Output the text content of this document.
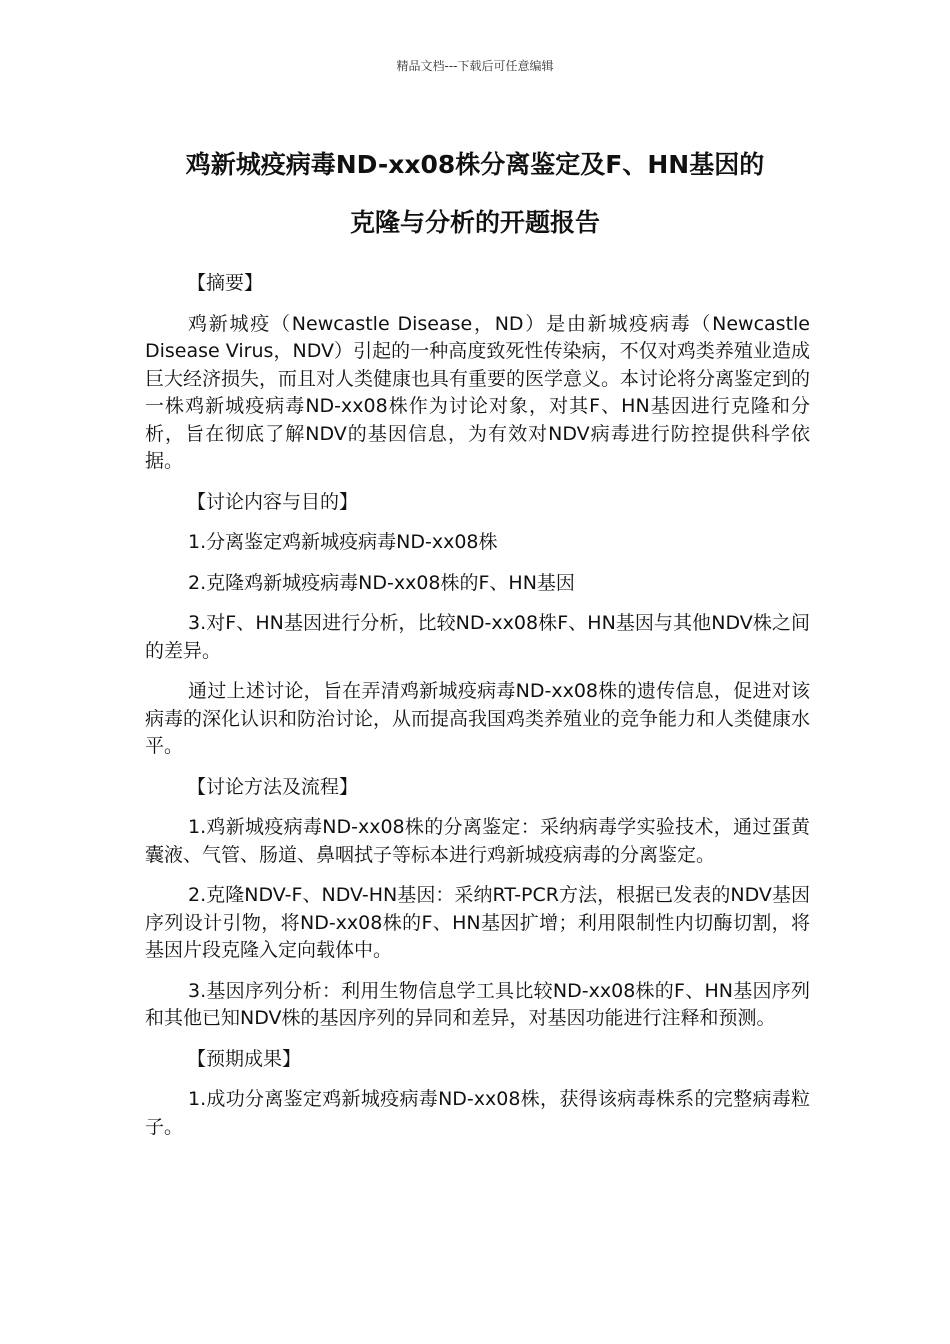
精品文档---下载后可任意编辑
鸡新城疫病毒ND-xx08株分离鉴定及F、HN基因的
克隆与分析的开题报告

【摘要】

鸡新城疫（Newcastle Disease，ND）是由新城疫病毒（Newcastle Disease Virus，NDV）引起的一种高度致死性传染病，不仅对鸡类养殖业造成巨大经济损失，而且对人类健康也具有重要的医学意义。本讨论将分离鉴定到的一株鸡新城疫病毒ND-xx08株作为讨论对象，对其F、HN基因进行克隆和分析，旨在彻底了解NDV的基因信息，为有效对NDV病毒进行防控提供科学依据。

【讨论内容与目的】

1.分离鉴定鸡新城疫病毒ND-xx08株

2.克隆鸡新城疫病毒ND-xx08株的F、HN基因

3.对F、HN基因进行分析，比较ND-xx08株F、HN基因与其他NDV株之间的差异。

通过上述讨论，旨在弄清鸡新城疫病毒ND-xx08株的遗传信息，促进对该病毒的深化认识和防治讨论，从而提高我国鸡类养殖业的竞争能力和人类健康水平。

【讨论方法及流程】

1.鸡新城疫病毒ND-xx08株的分离鉴定：采纳病毒学实验技术，通过蛋黄囊液、气管、肠道、鼻咽拭子等标本进行鸡新城疫病毒的分离鉴定。

2.克隆NDV-F、NDV-HN基因：采纳RT-PCR方法，根据已发表的NDV基因序列设计引物，将ND-xx08株的F、HN基因扩增；利用限制性内切酶切割，将基因片段克隆入定向载体中。

3.基因序列分析：利用生物信息学工具比较ND-xx08株的F、HN基因序列和其他已知NDV株的基因序列的异同和差异，对基因功能进行注释和预测。

【预期成果】

1.成功分离鉴定鸡新城疫病毒ND-xx08株，获得该病毒株系的完整病毒粒子。
